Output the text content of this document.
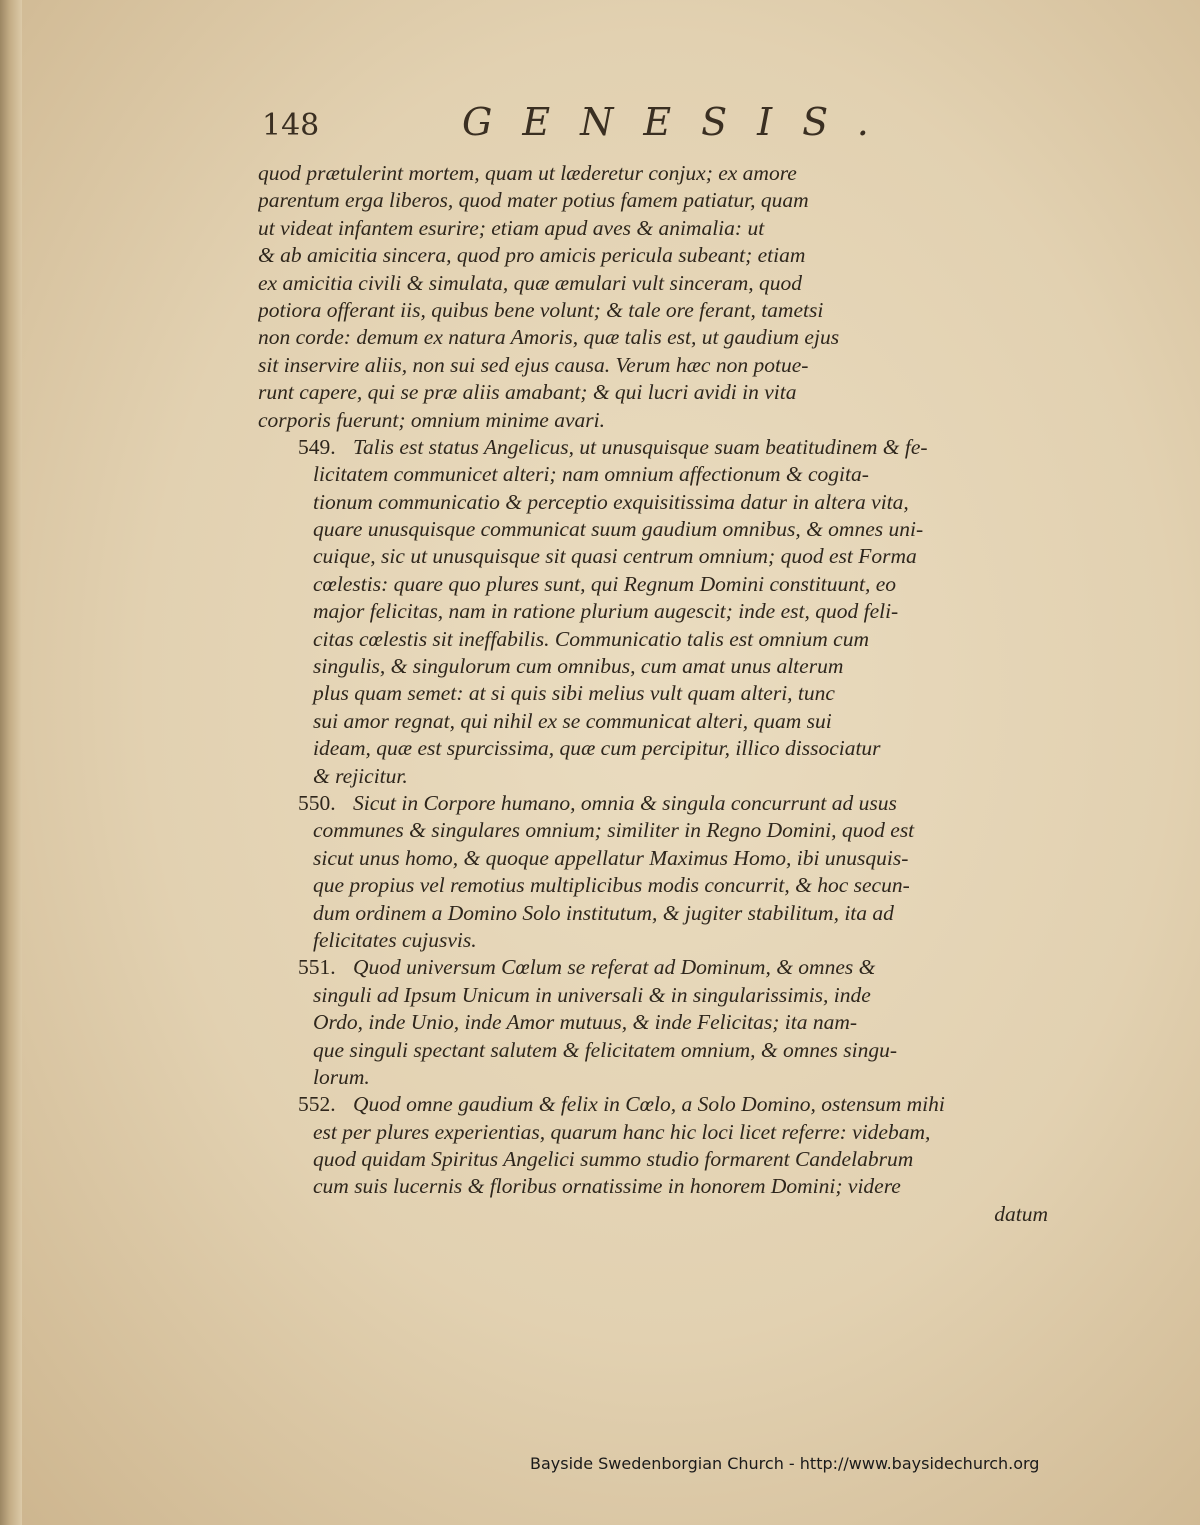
148	GENESIS.
quod prætulerint mortem, quam ut læderetur conjux; ex amore
parentum erga liberos, quod mater potius famem patiatur, quam
ut videat infantem esurire; etiam apud aves & animalia: ut
& ab amicitia sincera, quod pro amicis pericula subeant; etiam
ex amicitia civili & simulata, quæ æmulari vult sinceram, quod
potiora offerant iis, quibus bene volunt; & tale ore ferant, tametsi
non corde: demum ex natura Amoris, quæ talis est, ut gaudium ejus
sit inservire aliis, non sui sed ejus causa. Verum hæc non potue-
runt capere, qui se præ aliis amabant; & qui lucri avidi in vita
corporis fuerunt; omnium minime avari.
549. Talis est status Angelicus, ut unusquisque suam beatitudinem & fe-
licitatem communicet alteri; nam omnium affectionum & cogita-
tionum communicatio & perceptio exquisitissima datur in altera vita,
quare unusquisque communicat suum gaudium omnibus, & omnes uni-
cuique, sic ut unusquisque sit quasi centrum omnium; quod est Forma
cœlestis: quare quo plures sunt, qui Regnum Domini constituunt, eo
major felicitas, nam in ratione plurium augescit; inde est, quod feli-
citas cœlestis sit ineffabilis. Communicatio talis est omnium cum
singulis, & singulorum cum omnibus, cum amat unus alterum
plus quam semet: at si quis sibi melius vult quam alteri, tunc
sui amor regnat, qui nihil ex se communicat alteri, quam sui
ideam, quæ est spurcissima, quæ cum percipitur, illico dissociatur
& rejicitur.
550. Sicut in Corpore humano, omnia & singula concurrunt ad usus
communes & singulares omnium; similiter in Regno Domini, quod est
sicut unus homo, & quoque appellatur Maximus Homo, ibi unusquis-
que propius vel remotius multiplicibus modis concurrit, & hoc secun-
dum ordinem a Domino Solo institutum, & jugiter stabilitum, ita ad
felicitates cujusvis.
551. Quod universum Cœlum se referat ad Dominum, & omnes &
singuli ad Ipsum Unicum in universali & in singularissimis, inde
Ordo, inde Unio, inde Amor mutuus, & inde Felicitas; ita nam-
que singuli spectant salutem & felicitatem omnium, & omnes singu-
lorum.
552. Quod omne gaudium & felix in Cœlo, a Solo Domino, ostensum mihi
est per plures experientias, quarum hanc hic loci licet referre: videbam,
quod quidam Spiritus Angelici summo studio formarent Candelabrum
cum suis lucernis & floribus ornatissime in honorem Domini; videre
datum
Bayside Swedenborgian Church - http://www.baysidechurch.org
